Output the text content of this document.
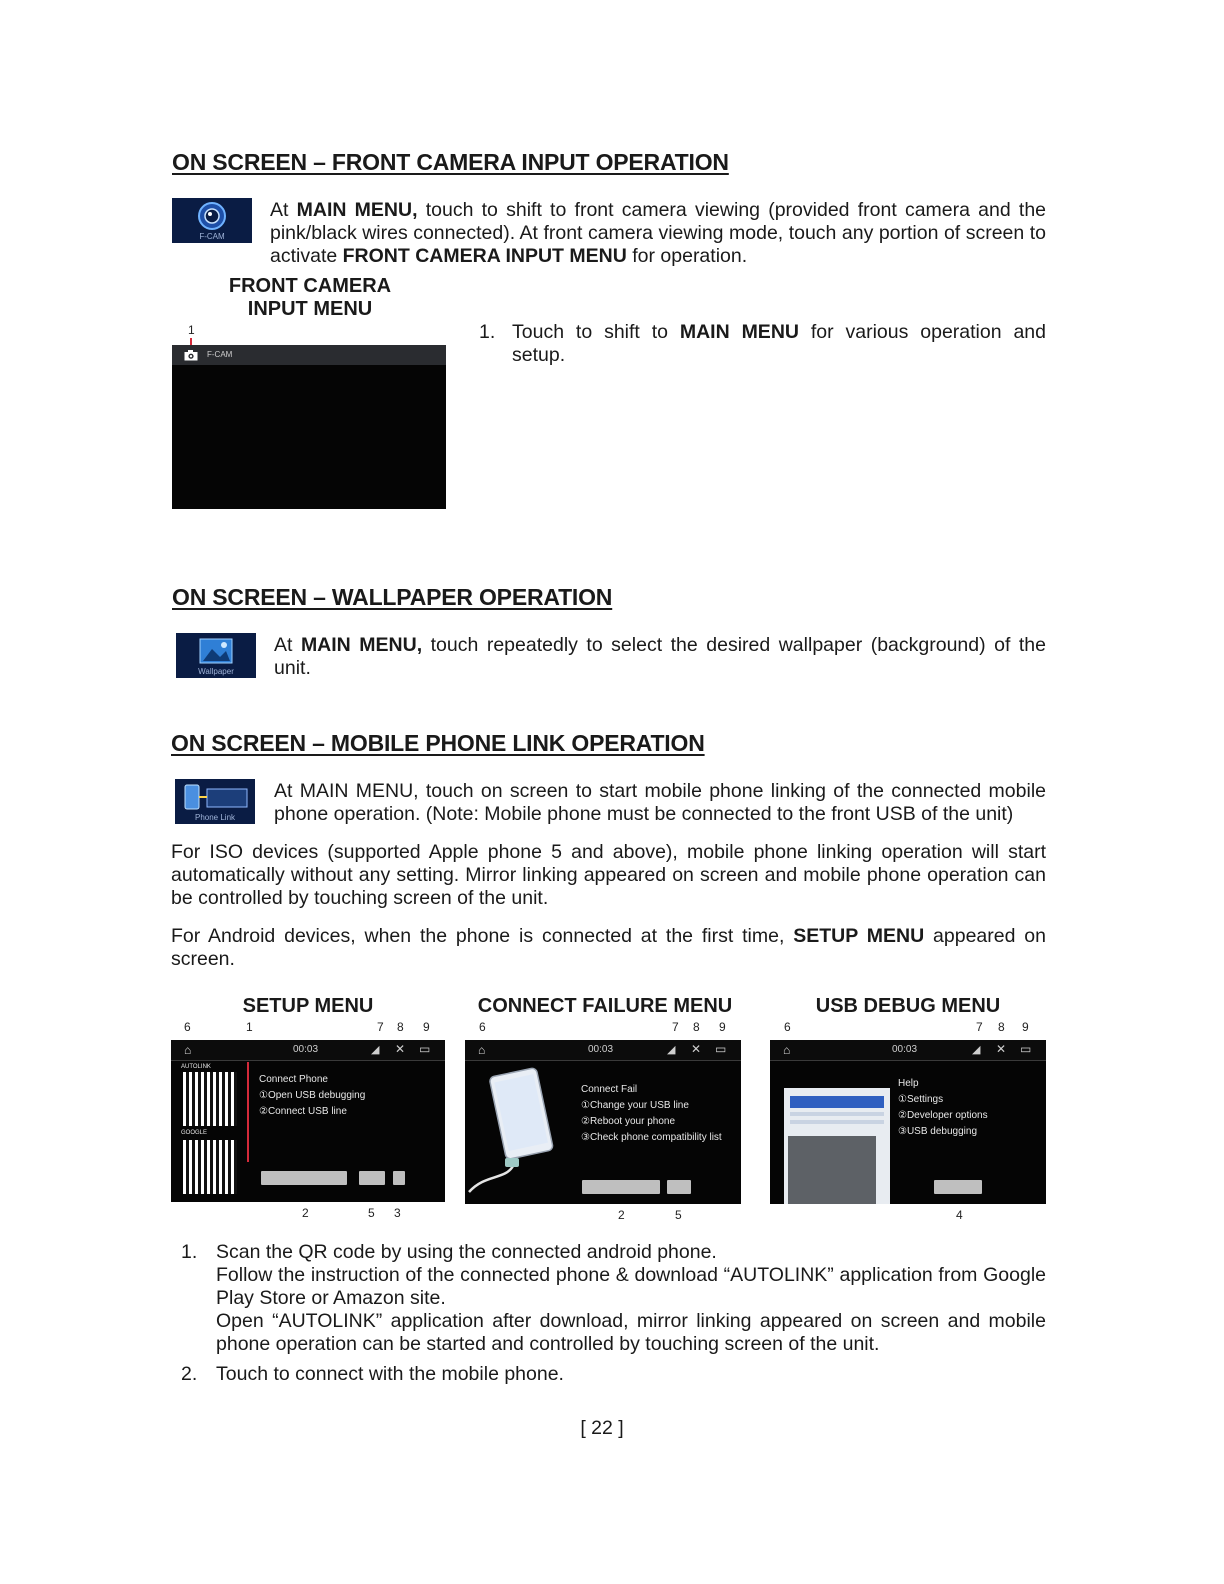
ON SCREEN – FRONT CAMERA INPUT OPERATION
F-CAM

At MAIN MENU, touch to shift to front camera viewing (provided front camera and the pink/black wires connected). At front camera viewing mode, touch any portion of screen to activate FRONT CAMERA INPUT MENU for operation.

FRONT CAMERA
INPUT MENU
1
F-CAM
1. Touch to shift to MAIN MENU for various operation and setup.

ON SCREEN – WALLPAPER OPERATION
Wallpaper

At MAIN MENU, touch repeatedly to select the desired wallpaper (background) of the unit.

ON SCREEN – MOBILE PHONE LINK OPERATION
Phone Link

At MAIN MENU, touch on screen to start mobile phone linking of the connected mobile phone operation. (Note: Mobile phone must be connected to the front USB of the unit)

For ISO devices (supported Apple phone 5 and above), mobile phone linking operation will start automatically without any setting. Mirror linking appeared on screen and mobile phone operation can be controlled by touching screen of the unit.

For Android devices, when the phone is connected at the first time, SETUP MENU appeared on screen.

SETUP MENU	CONNECT FAILURE MENU	USB DEBUG MENU
6	1	7 8 9
⌂	00:03	◢ ✕ ▭
AUTOLINK
GOOGLE
Connect Phone
①Open USB debugging
②Connect USB line
2	5 3
6	7 8 9
⌂	00:03	◢ ✕ ▭
Connect Fail
①Change your USB line
②Reboot your phone
③Check phone compatibility list
2	5
6	7 8 9
⌂	00:03	◢ ✕ ▭
Help
①Settings
②Developer options
③USB debugging
4
1. Scan the QR code by using the connected android phone.
Follow the instruction of the connected phone & download “AUTOLINK” application from Google Play Store or Amazon site.
Open “AUTOLINK” application after download, mirror linking appeared on screen and mobile phone operation can be started and controlled by touching screen of the unit.
2. Touch to connect with the mobile phone.
[ 22 ]
